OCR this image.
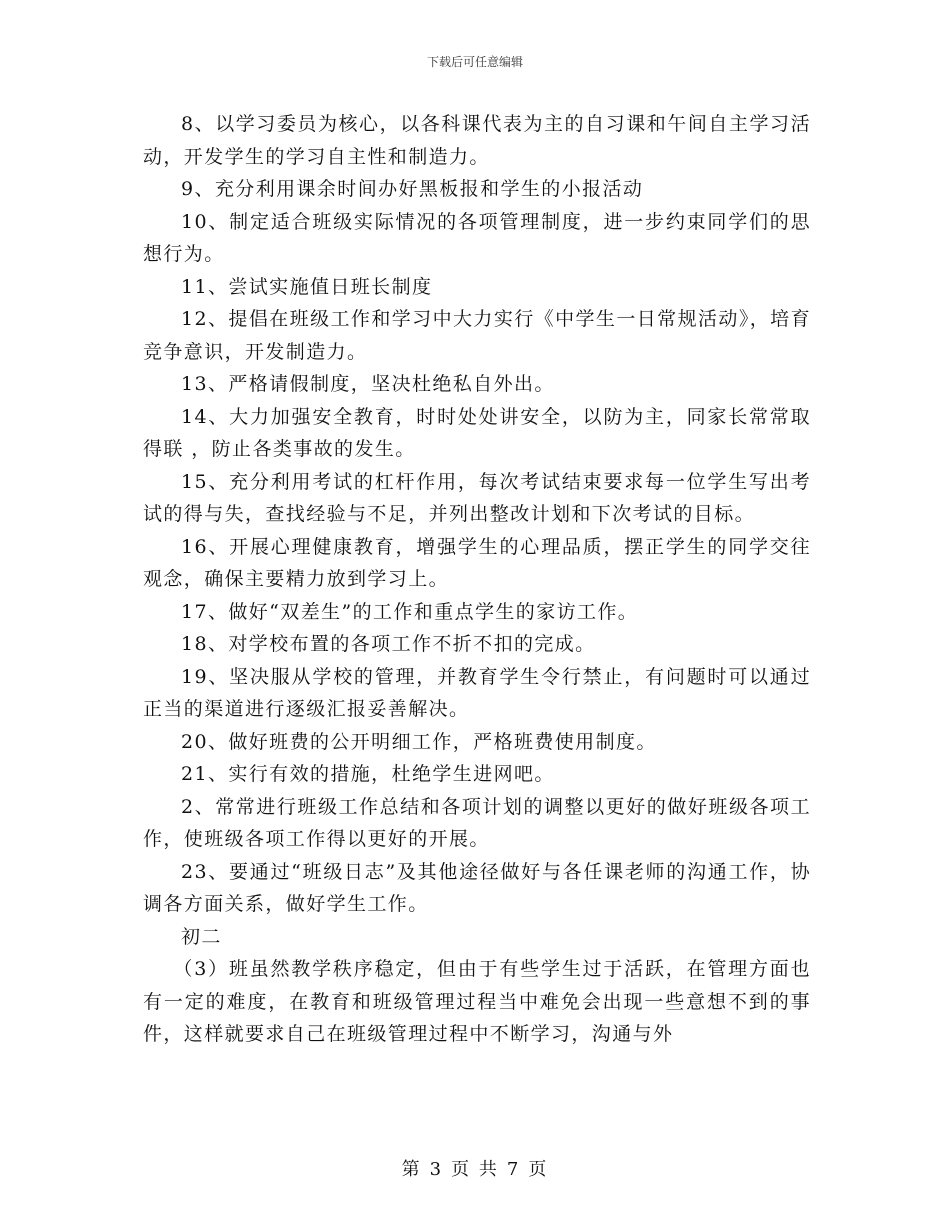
下载后可任意编辑

8、以学习委员为核心，以各科课代表为主的自习课和午间自主学习活动，开发学生的学习自主性和制造力。

9、充分利用课余时间办好黑板报和学生的小报活动

10、制定适合班级实际情况的各项管理制度，进一步约束同学们的思想行为。

11、尝试实施值日班长制度

12、提倡在班级工作和学习中大力实行《中学生一日常规活动》，培育竞争意识，开发制造力。

13、严格请假制度，坚决杜绝私自外出。

14、大力加强安全教育，时时处处讲安全，以防为主，同家长常常取得联 ，防止各类事故的发生。

15、充分利用考试的杠杆作用，每次考试结束要求每一位学生写出考试的得与失，查找经验与不足，并列出整改计划和下次考试的目标。

16、开展心理健康教育，增强学生的心理品质，摆正学生的同学交往观念，确保主要精力放到学习上。

17、做好“双差生”的工作和重点学生的家访工作。

18、对学校布置的各项工作不折不扣的完成。

19、坚决服从学校的管理，并教育学生令行禁止，有问题时可以通过正当的渠道进行逐级汇报妥善解决。

20、做好班费的公开明细工作，严格班费使用制度。

21、实行有效的措施，杜绝学生进网吧。

2、常常进行班级工作总结和各项计划的调整以更好的做好班级各项工作，使班级各项工作得以更好的开展。

23、要通过“班级日志”及其他途径做好与各任课老师的沟通工作，协调各方面关系，做好学生工作。

初二

（3）班虽然教学秩序稳定，但由于有些学生过于活跃，在管理方面也有一定的难度，在教育和班级管理过程当中难免会出现一些意想不到的事件，这样就要求自己在班级管理过程中不断学习，沟通与外

第 3 页 共 7 页
